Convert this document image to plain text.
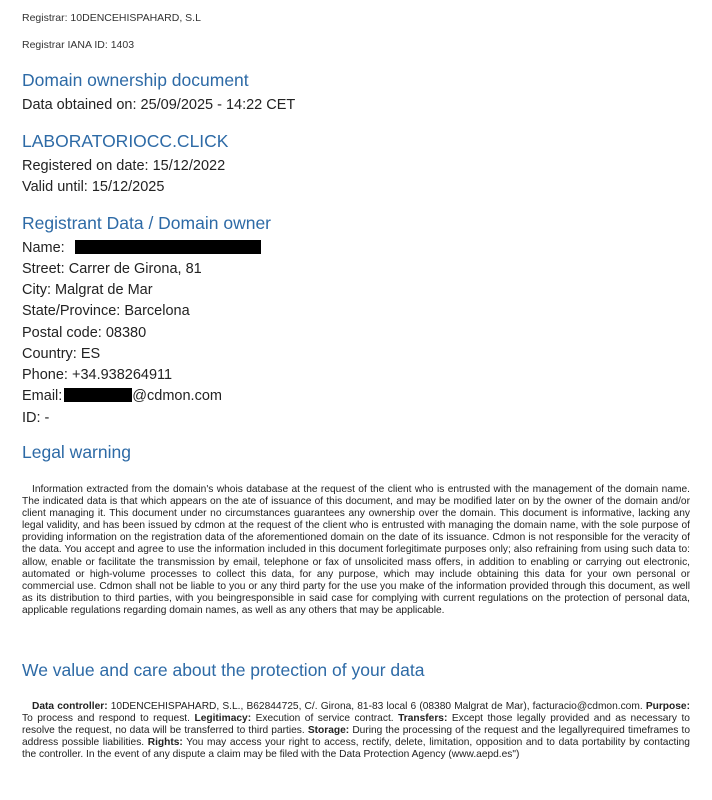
Registrar: 10DENCEHISPAHARD, S.L

Registrar IANA ID: 1403

Domain ownership document

Data obtained on: 25/09/2025 - 14:22 CET

LABORATORIOCC.CLICK

Registered on date: 15/12/2022

Valid until: 15/12/2025

Registrant Data / Domain owner

Name:

Street: Carrer de Girona, 81

City: Malgrat de Mar

State/Province: Barcelona

Postal code: 08380

Country: ES

Phone: +34.938264911

Email:	@cdmon.com

ID: -

Legal warning

Information extracted from the domain's whois database at the request of the client who is entrusted with the management of the domain name. The indicated data is that which appears on the ate of issuance of this document, and may be modified later on by the owner of the domain and/or client managing it. This document under no circumstances guarantees any ownership over the domain. This document is informative, lacking any legal validity, and has been issued by cdmon at the request of the client who is entrusted with managing the domain name, with the sole purpose of providing information on the registration data of the aforementioned domain on the date of its issuance. Cdmon is not responsible for the veracity of the data. You accept and agree to use the information included in this document forlegitimate purposes only; also refraining from using such data to: allow, enable or facilitate the transmission by email, telephone or fax of unsolicited mass offers, in addition to enabling or carrying out electronic, automated or high-volume processes to collect this data, for any purpose, which may include obtaining this data for your own personal or commercial use. Cdmon shall not be liable to you or any third party for the use you make of the information provided through this document, as well as its distribution to third parties, with you beingresponsible in said case for complying with current regulations on the protection of personal data, applicable regulations regarding domain names, as well as any others that may be applicable.

We value and care about the protection of your data

Data controller: 10DENCEHISPAHARD, S.L., B62844725, C/. Girona, 81-83 local 6 (08380 Malgrat de Mar), facturacio@cdmon.com. Purpose: To process and respond to request. Legitimacy: Execution of service contract. Transfers: Except those legally provided and as necessary to resolve the request, no data will be transferred to third parties. Storage: During the processing of the request and the legallyrequired timeframes to address possible liabilities. Rights: You may access your right to access, rectify, delete, limitation, opposition and to data portability by contacting the controller. In the event of any dispute a claim may be filed with the Data Protection Agency (www.aepd.es")
